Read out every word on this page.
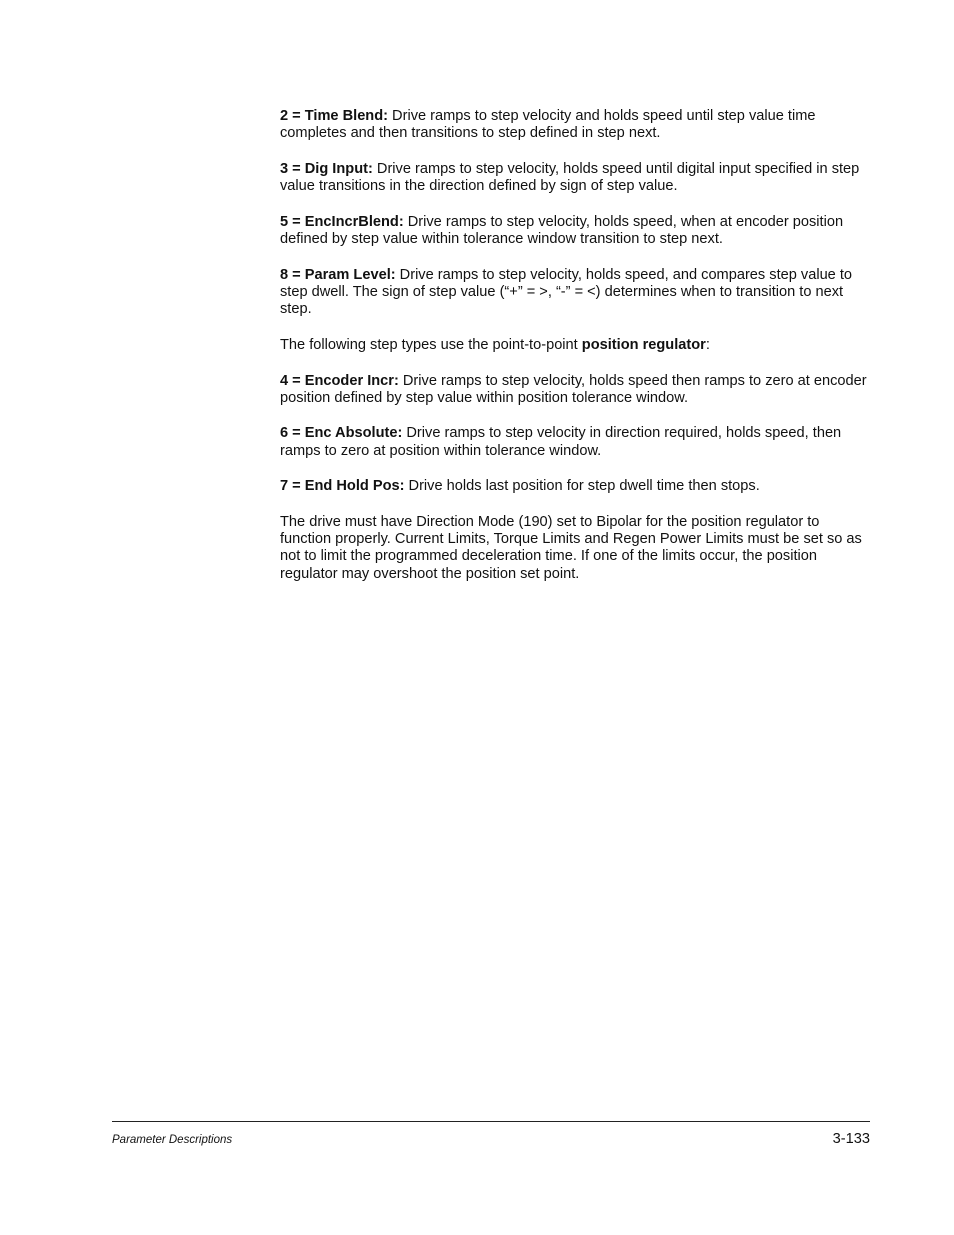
2 = Time Blend: Drive ramps to step velocity and holds speed until step value time completes and then transitions to step defined in step next.

3 = Dig Input: Drive ramps to step velocity, holds speed until digital input specified in step value transitions in the direction defined by sign of step value.

5 = EncIncrBlend: Drive ramps to step velocity, holds speed, when at encoder position defined by step value within tolerance window transition to step next.

8 = Param Level: Drive ramps to step velocity, holds speed, and compares step value to step dwell. The sign of step value (“+” = >, “-” = <) determines when to transition to next step.

The following step types use the point-to-point position regulator:

4 = Encoder Incr: Drive ramps to step velocity, holds speed then ramps to zero at encoder position defined by step value within position tolerance window.

6 = Enc Absolute: Drive ramps to step velocity in direction required, holds speed, then ramps to zero at position within tolerance window.

7 = End Hold Pos: Drive holds last position for step dwell time then stops.

The drive must have Direction Mode (190) set to Bipolar for the position regulator to function properly. Current Limits, Torque Limits and Regen Power Limits must be set so as not to limit the programmed deceleration time. If one of the limits occur, the position regulator may overshoot the position set point.

Parameter Descriptions	3-133
